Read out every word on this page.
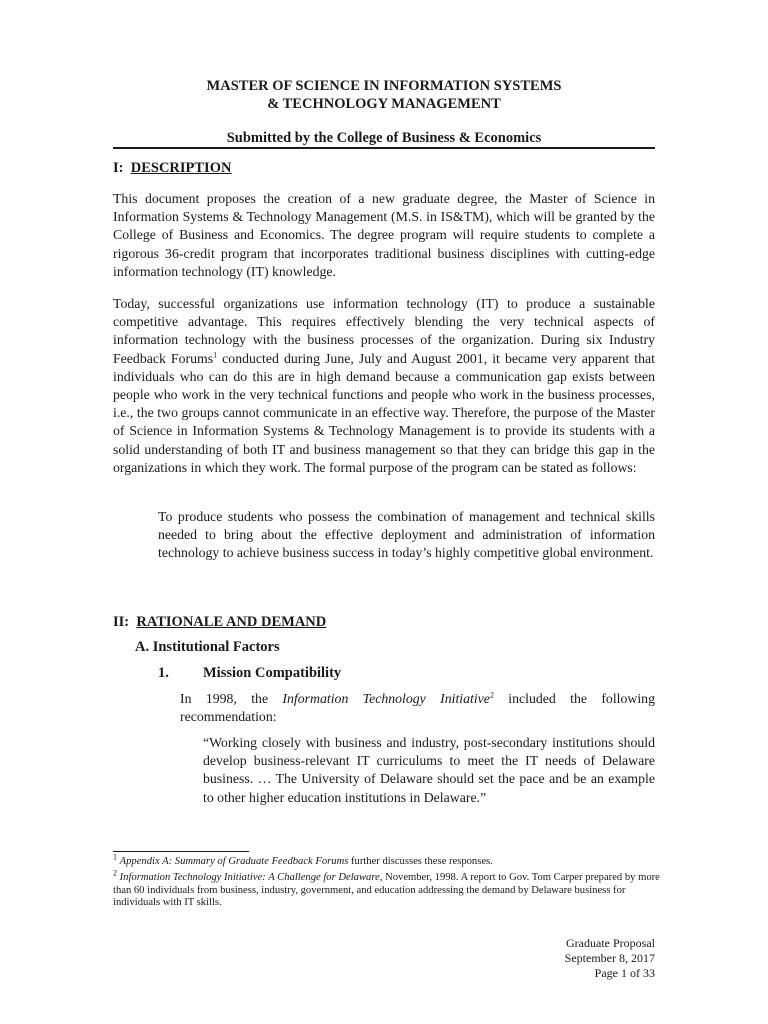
MASTER OF SCIENCE IN INFORMATION SYSTEMS
& TECHNOLOGY MANAGEMENT
Submitted by the College of Business & Economics
I: DESCRIPTION
This document proposes the creation of a new graduate degree, the Master of Science in Information Systems & Technology Management (M.S. in IS&TM), which will be granted by the College of Business and Economics. The degree program will require students to complete a rigorous 36-credit program that incorporates traditional business disciplines with cutting-edge information technology (IT) knowledge.
Today, successful organizations use information technology (IT) to produce a sustainable competitive advantage. This requires effectively blending the very technical aspects of information technology with the business processes of the organization. During six Industry Feedback Forums$^1$ conducted during June, July and August 2001, it became very apparent that individuals who can do this are in high demand because a communication gap exists between people who work in the very technical functions and people who work in the business processes, i.e., the two groups cannot communicate in an effective way. Therefore, the purpose of the Master of Science in Information Systems & Technology Management is to provide its students with a solid understanding of both IT and business management so that they can bridge this gap in the organizations in which they work. The formal purpose of the program can be stated as follows:
To produce students who possess the combination of management and technical skills needed to bring about the effective deployment and administration of information technology to achieve business success in today’s highly competitive global environment.
II: RATIONALE AND DEMAND
A. Institutional Factors
1. Mission Compatibility
In 1998, the Information Technology Initiative$^2$ included the following recommendation:
“Working closely with business and industry, post-secondary institutions should develop business-relevant IT curriculums to meet the IT needs of Delaware business. … The University of Delaware should set the pace and be an example to other higher education institutions in Delaware.”
$^1$ Appendix A: Summary of Graduate Feedback Forums further discusses these responses.
$^2$ Information Technology Initiative: A Challenge for Delaware, November, 1998. A report to Gov. Tom Carper prepared by more than 60 individuals from business, industry, government, and education addressing the demand by Delaware business for individuals with IT skills.
Graduate Proposal
September 8, 2017
Page 1 of 33
